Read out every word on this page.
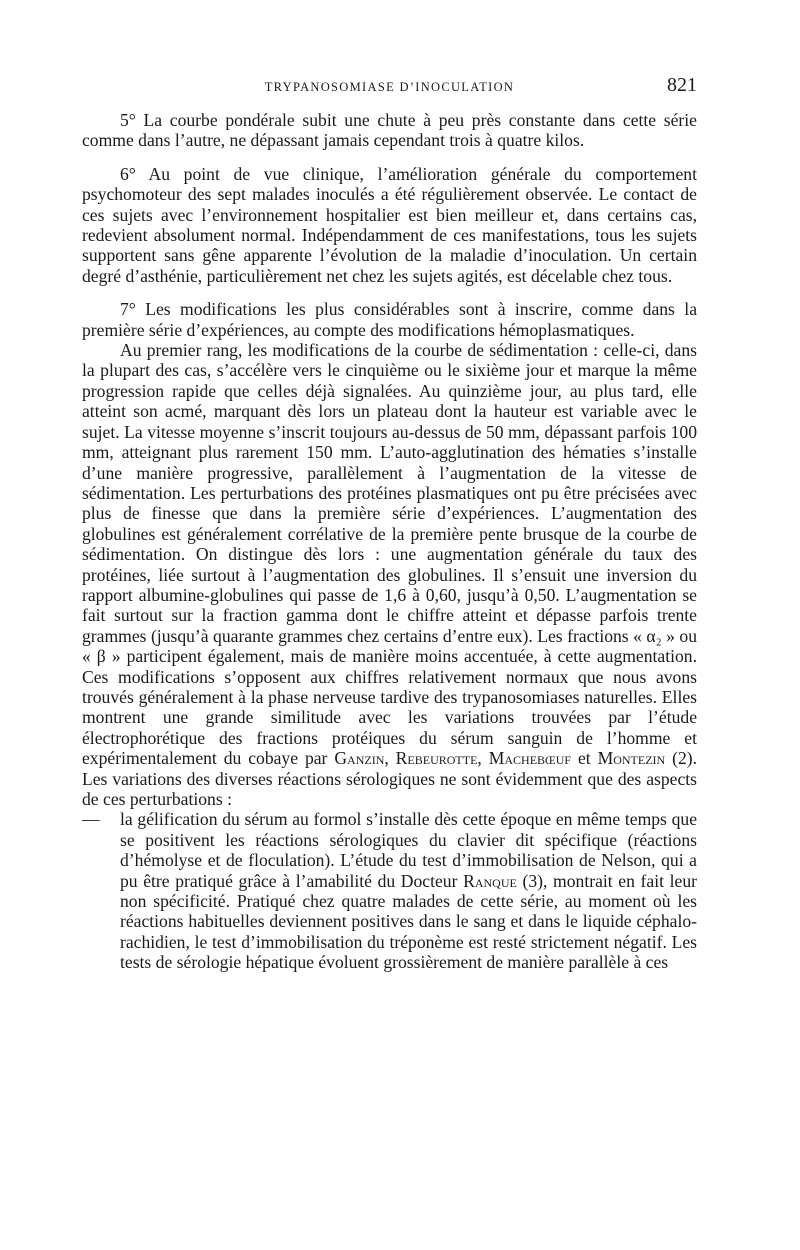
TRYPANOSOMIASE D’INOCULATION	821

5° La courbe pondérale subit une chute à peu près constante dans cette série comme dans l’autre, ne dépassant jamais cependant trois à quatre kilos.

6° Au point de vue clinique, l’amélioration générale du comportement psychomoteur des sept malades inoculés a été régulièrement observée. Le contact de ces sujets avec l’environnement hospitalier est bien meilleur et, dans certains cas, redevient absolument normal. Indépendamment de ces manifestations, tous les sujets supportent sans gêne apparente l’évolution de la maladie d’inoculation. Un certain degré d’asthénie, particulièrement net chez les sujets agités, est décelable chez tous.

7° Les modifications les plus considérables sont à inscrire, comme dans la première série d’expériences, au compte des modifications hémoplasmatiques.

Au premier rang, les modifications de la courbe de sédimentation : celle-ci, dans la plupart des cas, s’accélère vers le cinquième ou le sixième jour et marque la même progression rapide que celles déjà signalées. Au quinzième jour, au plus tard, elle atteint son acmé, marquant dès lors un plateau dont la hauteur est variable avec le sujet. La vitesse moyenne s’inscrit toujours au-dessus de 50 mm, dépassant parfois 100 mm, atteignant plus rarement 150 mm. L’auto-agglutination des hématies s’installe d’une manière progressive, parallèlement à l’augmentation de la vitesse de sédimentation. Les perturbations des protéines plasmatiques ont pu être précisées avec plus de finesse que dans la première série d’expériences. L’augmentation des globulines est généralement corrélative de la première pente brusque de la courbe de sédimentation. On distingue dès lors : une augmentation générale du taux des protéines, liée surtout à l’augmentation des globulines. Il s’ensuit une inversion du rapport albumine-globulines qui passe de 1,6 à 0,60, jusqu’à 0,50. L’augmentation se fait surtout sur la fraction gamma dont le chiffre atteint et dépasse parfois trente grammes (jusqu’à quarante grammes chez certains d’entre eux). Les fractions « α₂ » ou « β » participent également, mais de manière moins accentuée, à cette augmentation. Ces modifications s’opposent aux chiffres relativement normaux que nous avons trouvés généralement à la phase nerveuse tardive des trypanosomiases naturelles. Elles montrent une grande similitude avec les variations trouvées par l’étude électrophorétique des fractions protéiques du sérum sanguin de l’homme et expérimentalement du cobaye par Ganzin, Rebeurotte, Machebœuf et Montezin (2). Les variations des diverses réactions sérologiques ne sont évidemment que des aspects de ces perturbations :

—	la gélification du sérum au formol s’installe dès cette époque en même temps que se positivent les réactions sérologiques du clavier dit spécifique (réactions d’hémolyse et de floculation). L’étude du test d’immobilisation de Nelson, qui a pu être pratiqué grâce à l’amabilité du Docteur Ranque (3), montrait en fait leur non spécificité. Pratiqué chez quatre malades de cette série, au moment où les réactions habituelles deviennent positives dans le sang et dans le liquide céphalo-rachidien, le test d’immobilisation du tréponème est resté strictement négatif. Les tests de sérologie hépatique évoluent grossièrement de manière parallèle à ces
